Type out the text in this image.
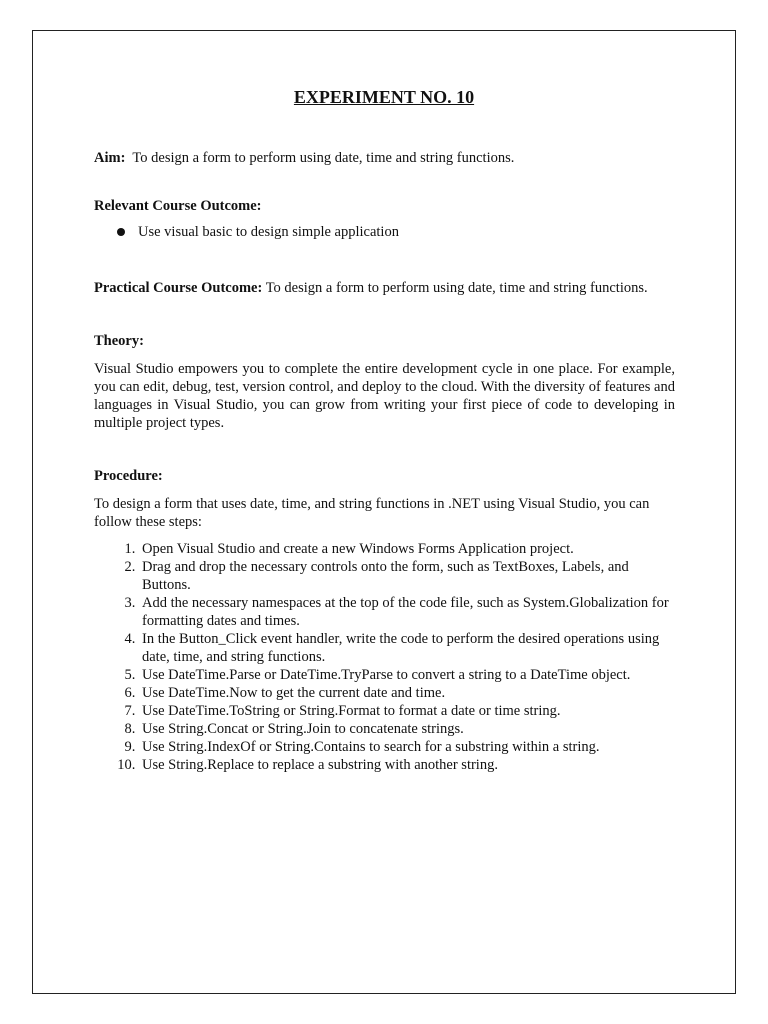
EXPERIMENT NO. 10

Aim: To design a form to perform using date, time and string functions.

Relevant Course Outcome:

Use visual basic to design simple application

Practical Course Outcome: To design a form to perform using date, time and string functions.

Theory:

Visual Studio empowers you to complete the entire development cycle in one place. For example, you can edit, debug, test, version control, and deploy to the cloud. With the diversity of features and languages in Visual Studio, you can grow from writing your first piece of code to developing in multiple project types.

Procedure:

To design a form that uses date, time, and string functions in .NET using Visual Studio, you can follow these steps:

1. Open Visual Studio and create a new Windows Forms Application project.
2. Drag and drop the necessary controls onto the form, such as TextBoxes, Labels, and Buttons.
3. Add the necessary namespaces at the top of the code file, such as System.Globalization for formatting dates and times.
4. In the Button_Click event handler, write the code to perform the desired operations using date, time, and string functions.
5. Use DateTime.Parse or DateTime.TryParse to convert a string to a DateTime object.
6. Use DateTime.Now to get the current date and time.
7. Use DateTime.ToString or String.Format to format a date or time string.
8. Use String.Concat or String.Join to concatenate strings.
9. Use String.IndexOf or String.Contains to search for a substring within a string.
10. Use String.Replace to replace a substring with another string.
